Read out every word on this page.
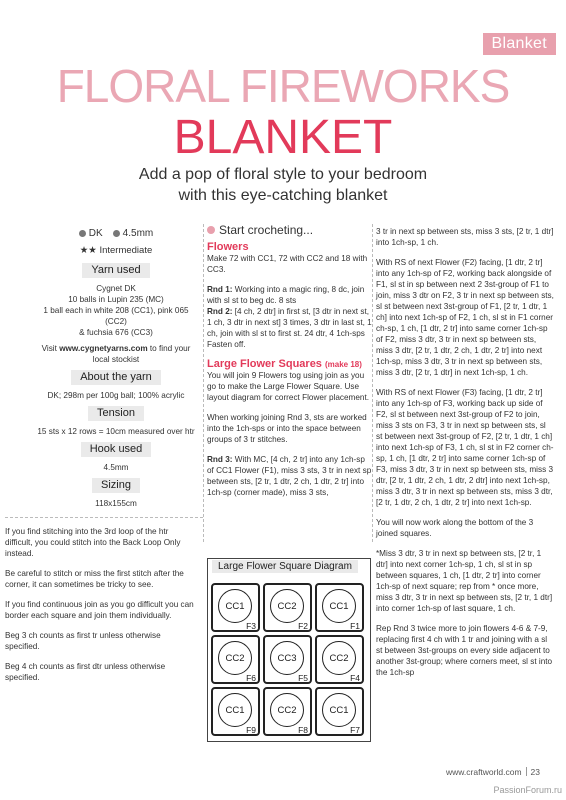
Blanket
FLORAL FIREWORKS
BLANKET
Add a pop of floral style to your bedroom
with this eye-catching blanket
DK	4.5mm
★★ Intermediate
Yarn used
Cygnet DK
10 balls in Lupin 235 (MC)
1 ball each in white 208 (CC1), pink 065 (CC2)
& fuchsia 676 (CC3)
Visit www.cygnetyarns.com to find your local stockist
About the yarn
DK; 298m per 100g ball; 100% acrylic
Tension
15 sts x 12 rows = 10cm measured over htr
Hook used
4.5mm
Sizing
118x155cm
If you find stitching into the 3rd loop of the htr difficult, you could stitch into the Back Loop Only instead.
Be careful to stitch or miss the first stitch after the corner, it can sometimes be tricky to see.
If you find continuous join as you go difficult you can border each square and join them individually.
Beg 3 ch counts as first tr unless otherwise specified.
Beg 4 ch counts as first dtr unless otherwise specified.
Start crocheting...
Flowers

Make 72 with CC1, 72 with CC2 and 18 with CC3.

Rnd 1: Working into a magic ring, 8 dc, join with sl st to beg dc. 8 sts

Rnd 2: [4 ch, 2 dtr] in first st, [3 dtr in next st, 1 ch, 3 dtr in next st] 3 times, 3 dtr in last st, 1 ch, join with sl st to first st. 24 dtr, 4 1ch-sps

Fasten off.

Large Flower Squares (make 18)

You will join 9 Flowers tog using join as you go to make the Large Flower Square. Use layout diagram for correct Flower placement.

When working joining Rnd 3, sts are worked into the 1ch-sps or into the space between groups of 3 tr stitches.

Rnd 3: With MC, [4 ch, 2 tr] into any 1ch-sp of CC1 Flower (F1), miss 3 sts, 3 tr in next sp between sts, [2 tr, 1 dtr, 2 ch, 1 dtr, 2 tr] into 1ch-sp (corner made), miss 3 sts,

Large Flower Square Diagram
CC1
F3
CC2
F2
CC1
F1
CC2
F6
CC3
F5
CC2
F4
CC1
F9
CC2
F8
CC1
F7

3 tr in next sp between sts, miss 3 sts, [2 tr, 1 dtr] into 1ch-sp, 1 ch.

With RS of next Flower (F2) facing, [1 dtr, 2 tr] into any 1ch-sp of F2, working back alongside of F1, sl st in sp between next 2 3st-group of F1 to join, miss 3 dtr on F2, 3 tr in next sp between sts, sl st between next 3st-group of F1, [2 tr, 1 dtr, 1 ch] into next 1ch-sp of F2, 1 ch, sl st in F1 corner ch-sp, 1 ch, [1 dtr, 2 tr] into same corner 1ch-sp of F2, miss 3 dtr, 3 tr in next sp between sts, miss 3 dtr, [2 tr, 1 dtr, 2 ch, 1 dtr, 2 tr] into next 1ch-sp, miss 3 dtr, 3 tr in next sp between sts, miss 3 dtr, [2 tr, 1 dtr] in next 1ch-sp, 1 ch.

With RS of next Flower (F3) facing, [1 dtr, 2 tr] into any 1ch-sp of F3, working back up side of F2, sl st between next 3st-group of F2 to join, miss 3 sts on F3, 3 tr in next sp between sts, sl st between next 3st-group of F2, [2 tr, 1 dtr, 1 ch] into next 1ch-sp of F3, 1 ch, sl st in F2 corner ch-sp, 1 ch, [1 dtr, 2 tr] into same corner 1ch-sp of F3, miss 3 dtr, 3 tr in next sp between sts, miss 3 dtr, [2 tr, 1 dtr, 2 ch, 1 dtr, 2 dtr] into next 1ch-sp, miss 3 dtr, 3 tr in next sp between sts, miss 3 dtr, [2 tr, 1 dtr, 2 ch, 1 dtr, 2 tr] into next 1ch-sp.

You will now work along the bottom of the 3 joined squares.

*Miss 3 dtr, 3 tr in next sp between sts, [2 tr, 1 dtr] into next corner 1ch-sp, 1 ch, sl st in sp between squares, 1 ch, [1 dtr, 2 tr] into corner 1ch-sp of next square; rep from * once more, miss 3 dtr, 3 tr in next sp between sts, [2 tr, 1 dtr] into corner 1ch-sp of last square, 1 ch.

Rep Rnd 3 twice more to join flowers 4-6 & 7-9, replacing first 4 ch with 1 tr and joining with a sl st between 3st-groups on every side adjacent to another 3st-group; where corners meet, sl st into the 1ch-sp

www.craftworld.com 23
PassionForum.ru
